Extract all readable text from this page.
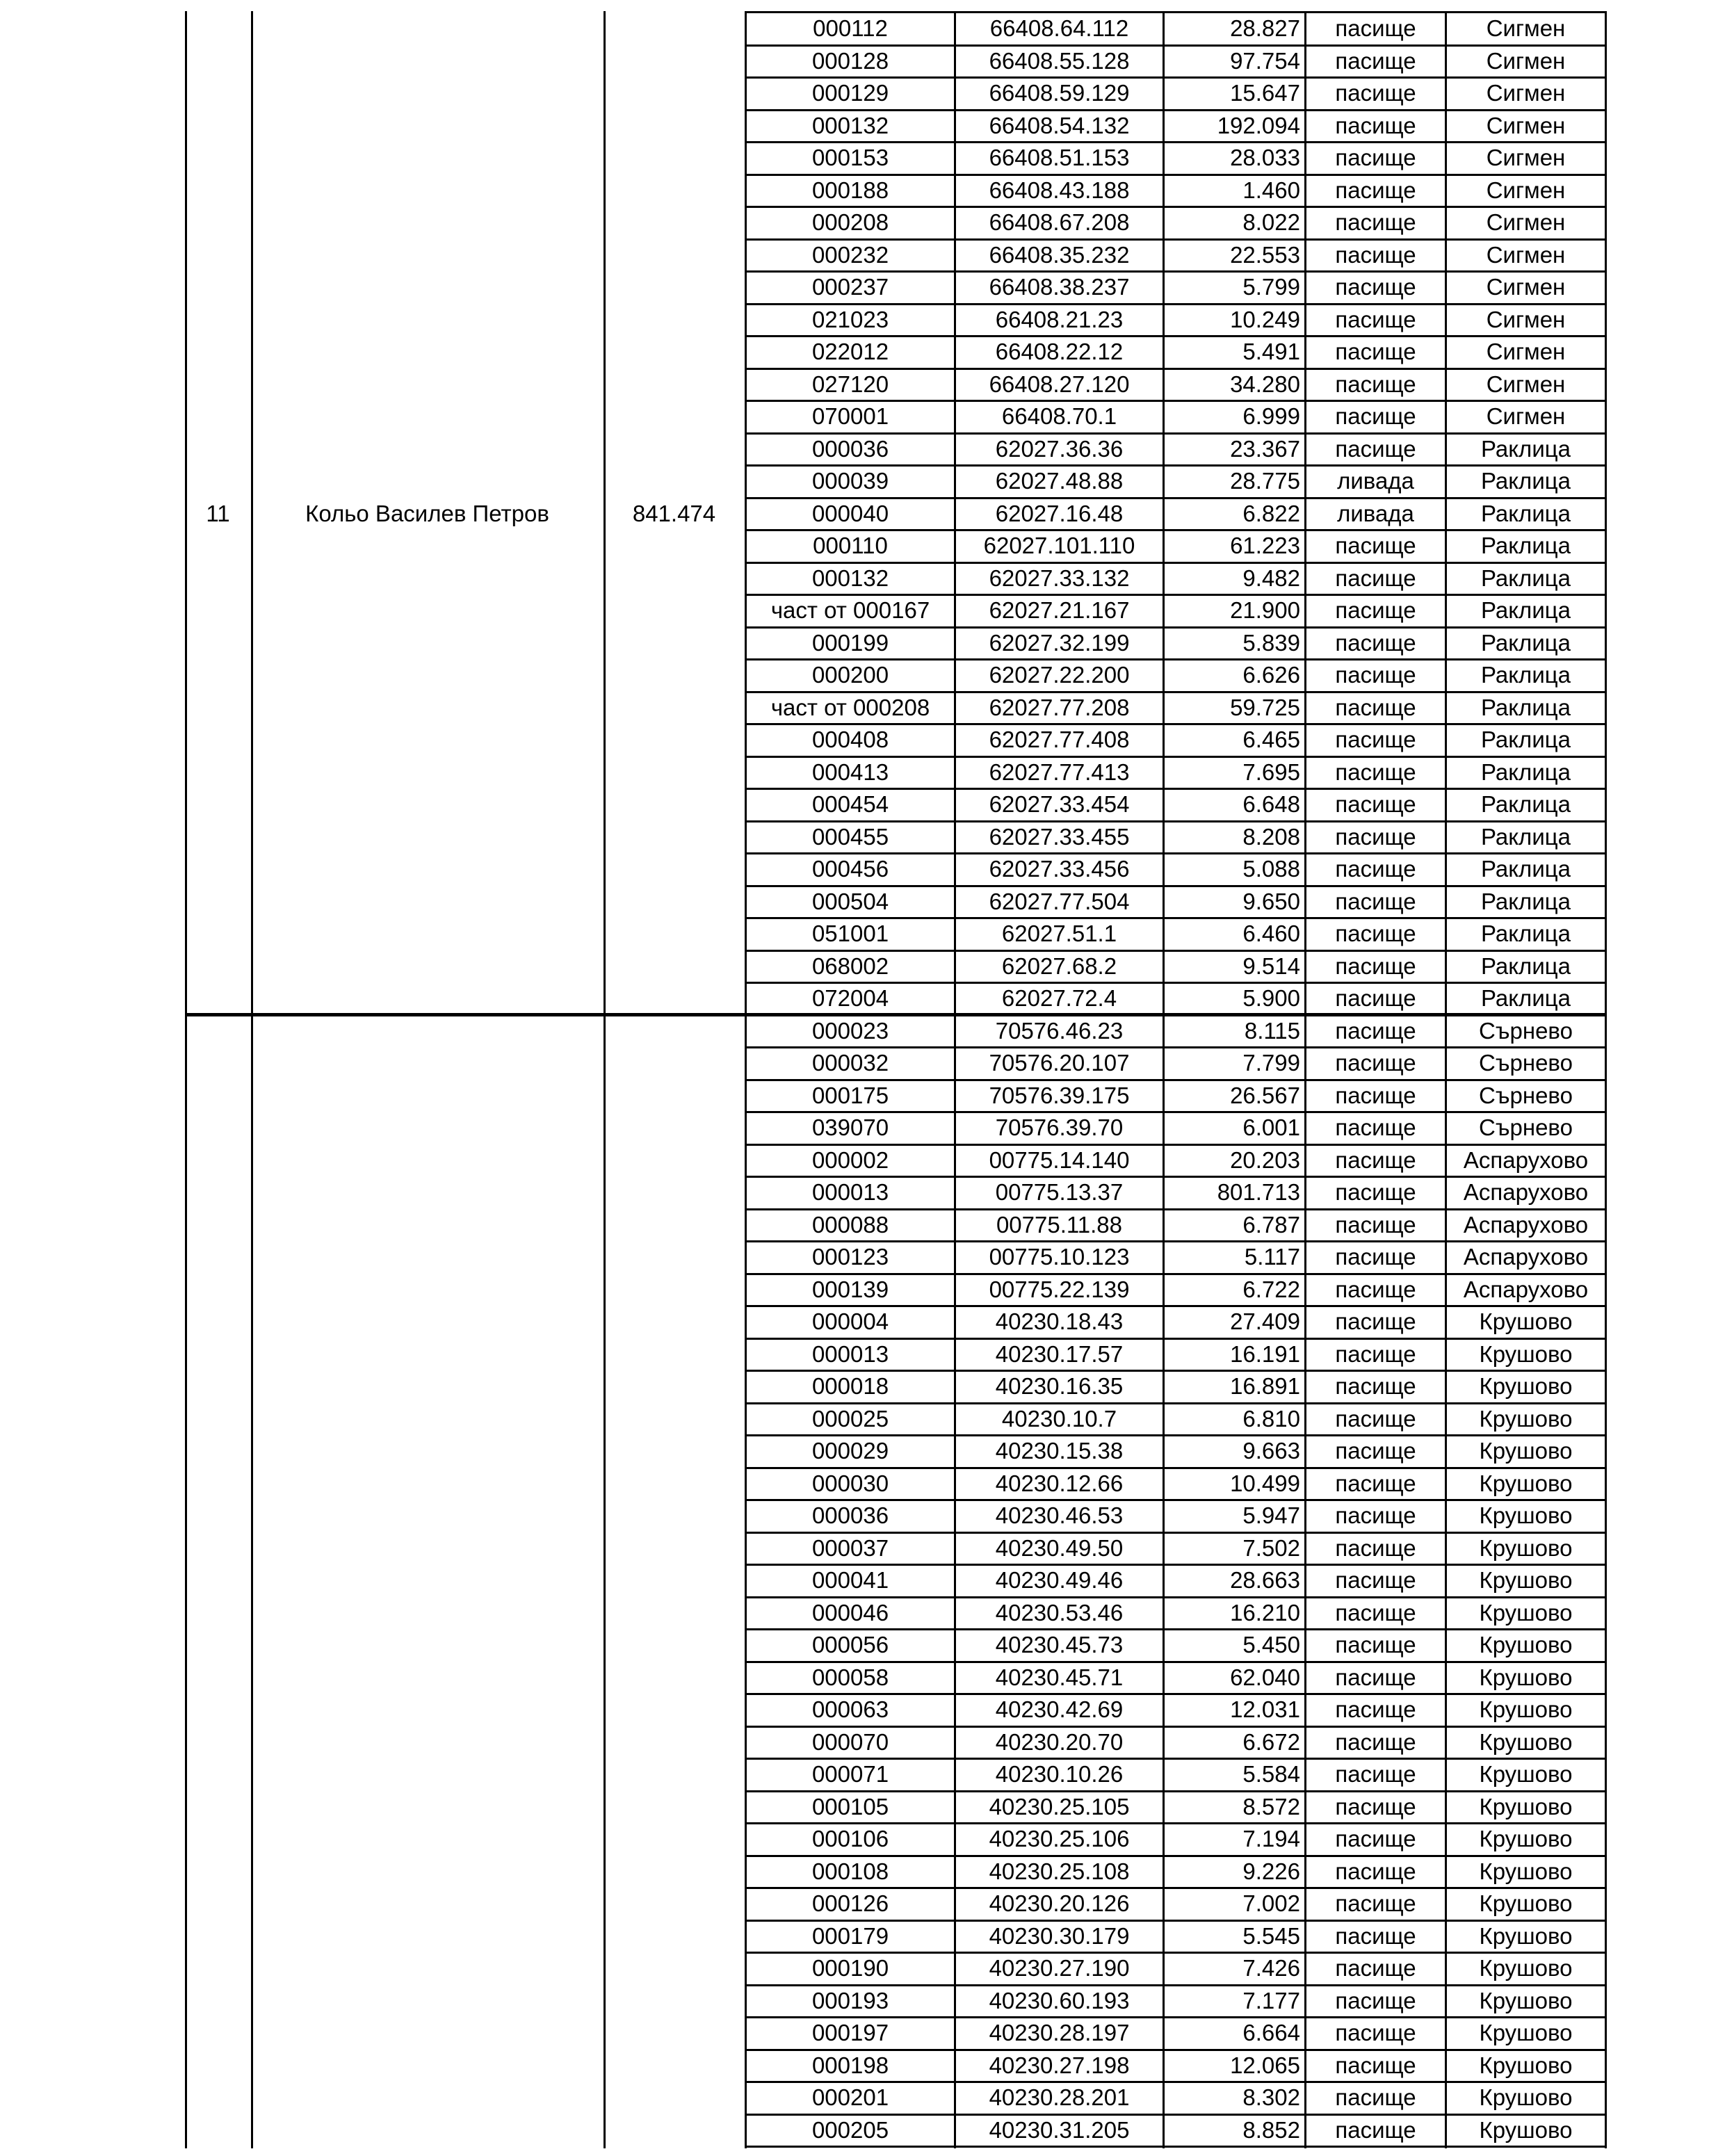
000112	66408.64.112	28.827	пасище	Сигмен
000128	66408.55.128	97.754	пасище	Сигмен
000129	66408.59.129	15.647	пасище	Сигмен
000132	66408.54.132	192.094	пасище	Сигмен
000153	66408.51.153	28.033	пасище	Сигмен
000188	66408.43.188	1.460	пасище	Сигмен
000208	66408.67.208	8.022	пасище	Сигмен
000232	66408.35.232	22.553	пасище	Сигмен
000237	66408.38.237	5.799	пасище	Сигмен
021023	66408.21.23	10.249	пасище	Сигмен
022012	66408.22.12	5.491	пасище	Сигмен
027120	66408.27.120	34.280	пасище	Сигмен
070001	66408.70.1	6.999	пасище	Сигмен
000036	62027.36.36	23.367	пасище	Раклица
000039	62027.48.88	28.775	ливада	Раклица
000040	62027.16.48	6.822	ливада	Раклица
000110	62027.101.110	61.223	пасище	Раклица
000132	62027.33.132	9.482	пасище	Раклица
част от 000167	62027.21.167	21.900	пасище	Раклица
000199	62027.32.199	5.839	пасище	Раклица
000200	62027.22.200	6.626	пасище	Раклица
част от 000208	62027.77.208	59.725	пасище	Раклица
000408	62027.77.408	6.465	пасище	Раклица
000413	62027.77.413	7.695	пасище	Раклица
000454	62027.33.454	6.648	пасище	Раклица
000455	62027.33.455	8.208	пасище	Раклица
000456	62027.33.456	5.088	пасище	Раклица
000504	62027.77.504	9.650	пасище	Раклица
051001	62027.51.1	6.460	пасище	Раклица
068002	62027.68.2	9.514	пасище	Раклица
072004	62027.72.4	5.900	пасище	Раклица
11	Кольо Василев Петров	841.474
000023	70576.46.23	8.115	пасище	Сърнево
000032	70576.20.107	7.799	пасище	Сърнево
000175	70576.39.175	26.567	пасище	Сърнево
039070	70576.39.70	6.001	пасище	Сърнево
000002	00775.14.140	20.203	пасище	Аспарухово
000013	00775.13.37	801.713	пасище	Аспарухово
000088	00775.11.88	6.787	пасище	Аспарухово
000123	00775.10.123	5.117	пасище	Аспарухово
000139	00775.22.139	6.722	пасище	Аспарухово
000004	40230.18.43	27.409	пасище	Крушово
000013	40230.17.57	16.191	пасище	Крушово
000018	40230.16.35	16.891	пасище	Крушово
000025	40230.10.7	6.810	пасище	Крушово
000029	40230.15.38	9.663	пасище	Крушово
000030	40230.12.66	10.499	пасище	Крушово
000036	40230.46.53	5.947	пасище	Крушово
000037	40230.49.50	7.502	пасище	Крушово
000041	40230.49.46	28.663	пасище	Крушово
000046	40230.53.46	16.210	пасище	Крушово
000056	40230.45.73	5.450	пасище	Крушово
000058	40230.45.71	62.040	пасище	Крушово
000063	40230.42.69	12.031	пасище	Крушово
000070	40230.20.70	6.672	пасище	Крушово
000071	40230.10.26	5.584	пасище	Крушово
000105	40230.25.105	8.572	пасище	Крушово
000106	40230.25.106	7.194	пасище	Крушово
000108	40230.25.108	9.226	пасище	Крушово
000126	40230.20.126	7.002	пасище	Крушово
000179	40230.30.179	5.545	пасище	Крушово
000190	40230.27.190	7.426	пасище	Крушово
000193	40230.60.193	7.177	пасище	Крушово
000197	40230.28.197	6.664	пасище	Крушово
000198	40230.27.198	12.065	пасище	Крушово
000201	40230.28.201	8.302	пасище	Крушово
000205	40230.31.205	8.852	пасище	Крушово
